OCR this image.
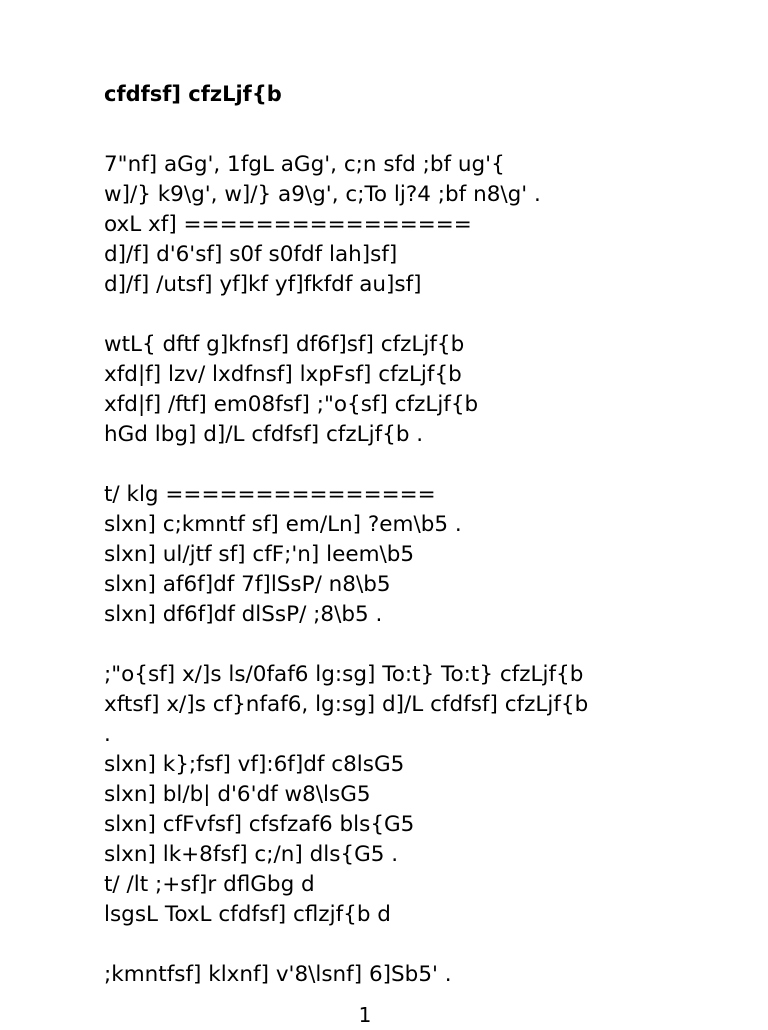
cfdfsf] cfzLjf{b
7"nf] aGg', 1fgL aGg', c;n sfd ;bf ug'{
w]/} k9\g', w]/} a9\g', c;To lj?4 ;bf n8\g' .
oxL xf] ================
d]/f] d'6'sf] s0f s0fdf lah]sf]
d]/f] /utsf] yf]kf yf]fkfdf au]sf]
wtL{ dftf g]kfnsf] df6f]sf] cfzLjf{b
xfd|f] lzv/ lxdfnsf] lxpFsf] cfzLjf{b
xfd|f] /ftf] em08fsf] ;"o{sf] cfzLjf{b
hGd lbg] d]/L cfdfsf] cfzLjf{b .
t/ klg ===============
slxn] c;kmntf sf] em/Ln] ?em\b5 .
slxn] ul/jtf sf] cfF;'n] leem\b5
slxn] af6f]df 7f]lSsP/ n8\b5
slxn] df6f]df dlSsP/ ;8\b5 .
;"o{sf] x/]s ls/0faf6 lg:sg] To:t} To:t} cfzLjf{b
xftsf] x/]s cf}nfaf6, lg:sg] d]/L cfdfsf] cfzLjf{b
.
slxn] k};fsf] vf]:6f]df c8lsG5
slxn] bl/b| d'6'df w8\lsG5
slxn] cfFvfsf] cfsfzaf6 bls{G5
slxn] lk+8fsf] c;/n] dls{G5 .
t/ /lt ;+sf]r dflGbg d
lsgsL ToxL cfdfsf] cflzjf{b d
;kmntfsf] klxnf] v'8\lsnf] 6]Sb5' .
1
